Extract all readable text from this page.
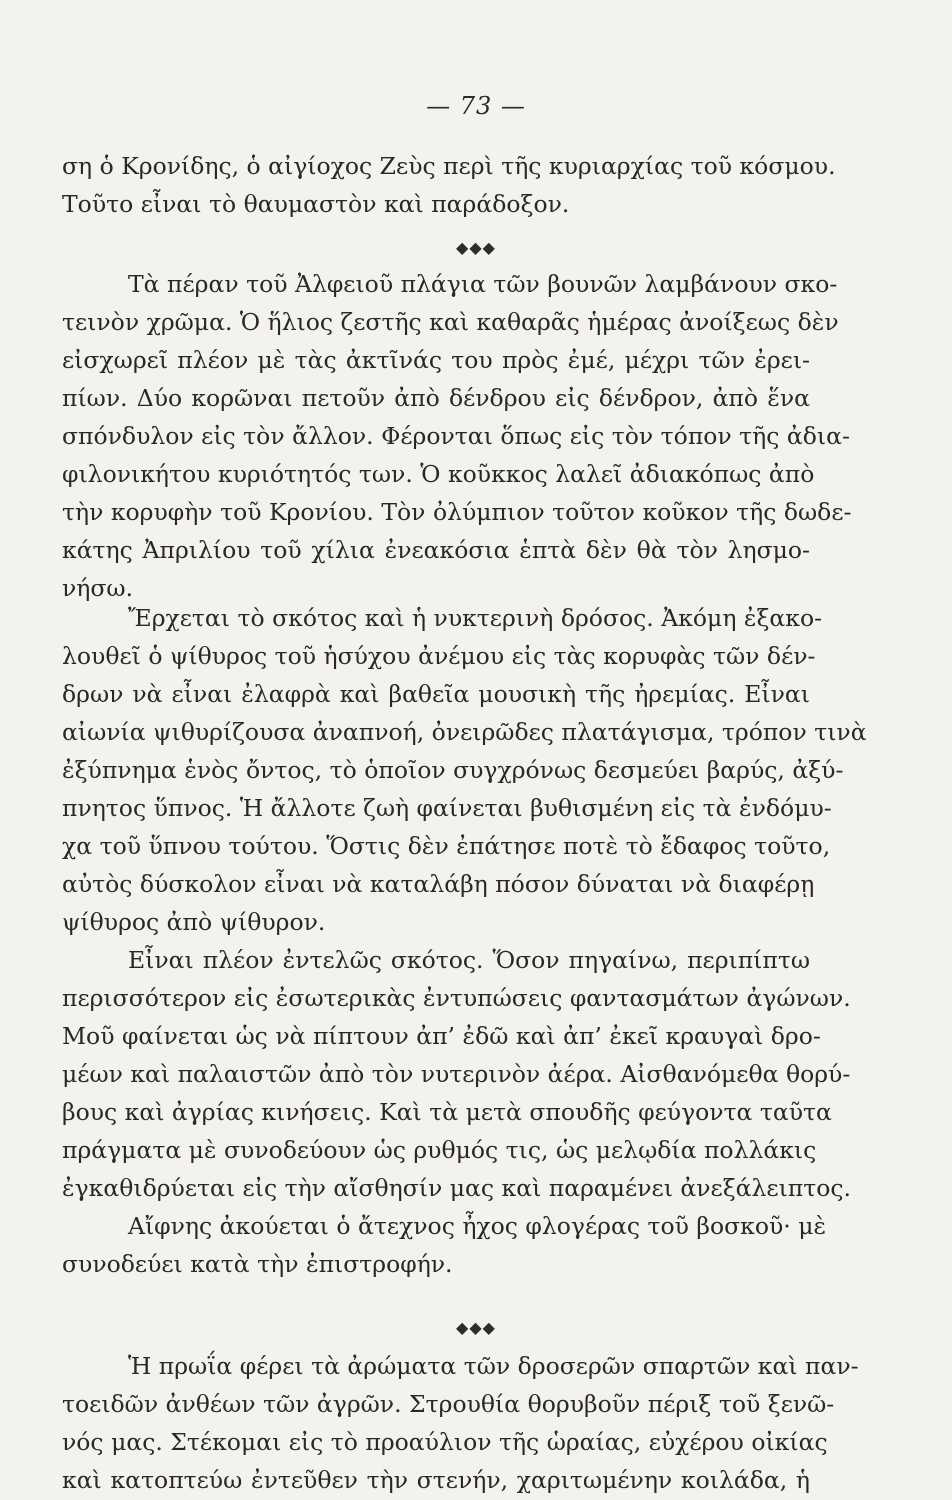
— 73 —
ση ὁ Κρονίδης, ὁ αἰγίοχος Ζεὺς περὶ τῆς κυριαρχίας τοῦ κόσμου.
Τοῦτο εἶναι τὸ θαυμαστὸν καὶ παράδοξον.
◆◆◆
Τὰ πέραν τοῦ Ἀλφειοῦ πλάγια τῶν βουνῶν λαμβάνουν σκο-
τεινὸν χρῶμα. Ὁ ἥλιος ζεστῆς καὶ καθαρᾶς ἡμέρας ἀνοίξεως δὲν
εἰσχωρεῖ πλέον μὲ τὰς ἀκτῖνάς του πρὸς ἐμέ, μέχρι τῶν ἐρει-
πίων. Δύο κορῶναι πετοῦν ἀπὸ δένδρου εἰς δένδρον, ἀπὸ ἕνα
σπόνδυλον εἰς τὸν ἄλλον. Φέρονται ὅπως εἰς τὸν τόπον τῆς ἀδια-
φιλονικήτου κυριότητός των. Ὁ κοῦκκος λαλεῖ ἀδιακόπως ἀπὸ
τὴν κορυφὴν τοῦ Κρονίου. Τὸν ὀλύμπιον τοῦτον κοῦκον τῆς δωδε-
κάτης Ἀπριλίου τοῦ χίλια ἐνεακόσια ἑπτὰ δὲν θὰ τὸν λησμο-
νήσω.
Ἔρχεται τὸ σκότος καὶ ἡ νυκτερινὴ δρόσος. Ἀκόμη ἐξακο-
λουθεῖ ὁ ψίθυρος τοῦ ἡσύχου ἀνέμου εἰς τὰς κορυφὰς τῶν δέν-
δρων νὰ εἶναι ἐλαφρὰ καὶ βαθεῖα μουσικὴ τῆς ἠρεμίας. Εἶναι
αἰωνία ψιθυρίζουσα ἀναπνοή, ὀνειρῶδες πλατάγισμα, τρόπον τινὰ
ἐξύπνημα ἑνὸς ὄντος, τὸ ὁποῖον συγχρόνως δεσμεύει βαρύς, ἀξύ-
πνητος ὕπνος. Ἡ ἄλλοτε ζωὴ φαίνεται βυθισμένη εἰς τὰ ἐνδόμυ-
χα τοῦ ὕπνου τούτου. Ὅστις δὲν ἐπάτησε ποτὲ τὸ ἔδαφος τοῦτο,
αὐτὸς δύσκολον εἶναι νὰ καταλάβη πόσον δύναται νὰ διαφέρῃ
ψίθυρος ἀπὸ ψίθυρον.
Εἶναι πλέον ἐντελῶς σκότος. Ὅσον πηγαίνω, περιπίπτω
περισσότερον εἰς ἐσωτερικὰς ἐντυπώσεις φαντασμάτων ἀγώνων.
Μοῦ φαίνεται ὡς νὰ πίπτουν ἀπ’ ἐδῶ καὶ ἀπ’ ἐκεῖ κραυγαὶ δρο-
μέων καὶ παλαιστῶν ἀπὸ τὸν νυτερινὸν ἀέρα. Αἰσθανόμεθα θορύ-
βους καὶ ἀγρίας κινήσεις. Καὶ τὰ μετὰ σπουδῆς φεύγοντα ταῦτα
πράγματα μὲ συνοδεύουν ὡς ρυθμός τις, ὡς μελῳδία πολλάκις
ἐγκαθιδρύεται εἰς τὴν αἴσθησίν μας καὶ παραμένει ἀνεξάλειπτος.
Αἴφνης ἀκούεται ὁ ἄτεχνος ἦχος φλογέρας τοῦ βοσκοῦ· μὲ
συνοδεύει κατὰ τὴν ἐπιστροφήν.
◆◆◆
Ἡ πρωΐα φέρει τὰ ἀρώματα τῶν δροσερῶν σπαρτῶν καὶ παν-
τοειδῶν ἀνθέων τῶν ἀγρῶν. Στρουθία θορυβοῦν πέριξ τοῦ ξενῶ-
νός μας. Στέκομαι εἰς τὸ προαύλιον τῆς ὡραίας, εὐχέρου οἰκίας
καὶ κατοπτεύω ἐντεῦθεν τὴν στενήν, χαριτωμένην κοιλάδα, ἡ
